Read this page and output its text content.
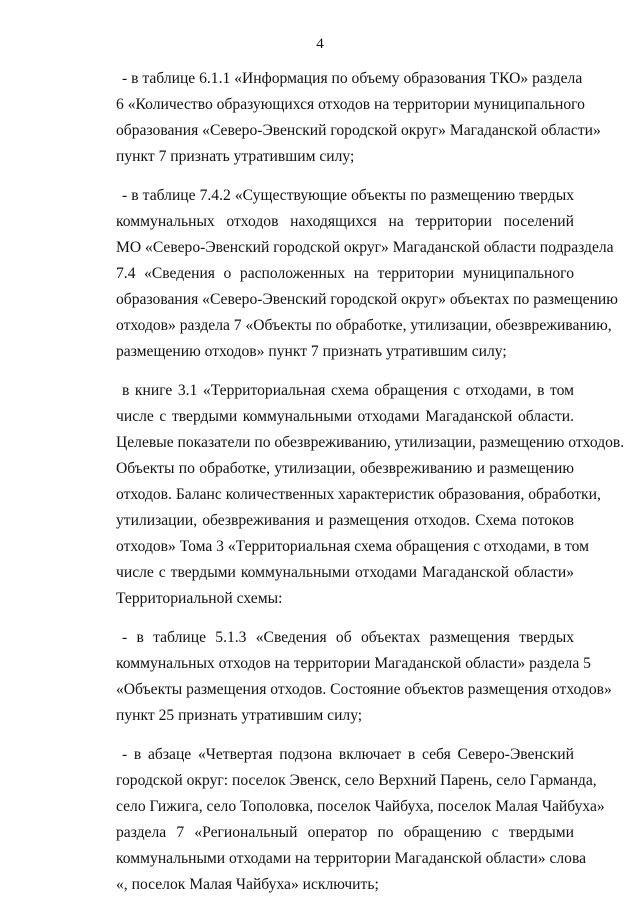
4
- в таблице 6.1.1 «Информация по объему образования ТКО» раздела
6 «Количество образующихся отходов на территории муниципального
образования «Северо-Эвенский городской округ» Магаданской области»
пункт 7 признать утратившим силу;
- в таблице 7.4.2 «Существующие объекты по размещению твердых
коммунальных отходов находящихся на территории поселений
МО «Северо-Эвенский городской округ» Магаданской области подраздела
7.4 «Сведения о расположенных на территории муниципального
образования «Северо-Эвенский городской округ» объектах по размещению
отходов» раздела 7 «Объекты по обработке, утилизации, обезвреживанию,
размещению отходов» пункт 7 признать утратившим силу;
в книге 3.1 «Территориальная схема обращения с отходами, в том
числе с твердыми коммунальными отходами Магаданской области.
Целевые показатели по обезвреживанию, утилизации, размещению отходов.
Объекты по обработке, утилизации, обезвреживанию и размещению
отходов. Баланс количественных характеристик образования, обработки,
утилизации, обезвреживания и размещения отходов. Схема потоков
отходов» Тома 3 «Территориальная схема обращения с отходами, в том
числе с твердыми коммунальными отходами Магаданской области»
Территориальной схемы:
- в таблице 5.1.3 «Сведения об объектах размещения твердых
коммунальных отходов на территории Магаданской области» раздела 5
«Объекты размещения отходов. Состояние объектов размещения отходов»
пункт 25 признать утратившим силу;
- в абзаце «Четвертая подзона включает в себя Северо-Эвенский
городской округ: поселок Эвенск, село Верхний Парень, село Гарманда,
село Гижига, село Тополовка, поселок Чайбуха, поселок Малая Чайбуха»
раздела 7 «Региональный оператор по обращению с твердыми
коммунальными отходами на территории Магаданской области» слова
«, поселок Малая Чайбуха» исключить;
